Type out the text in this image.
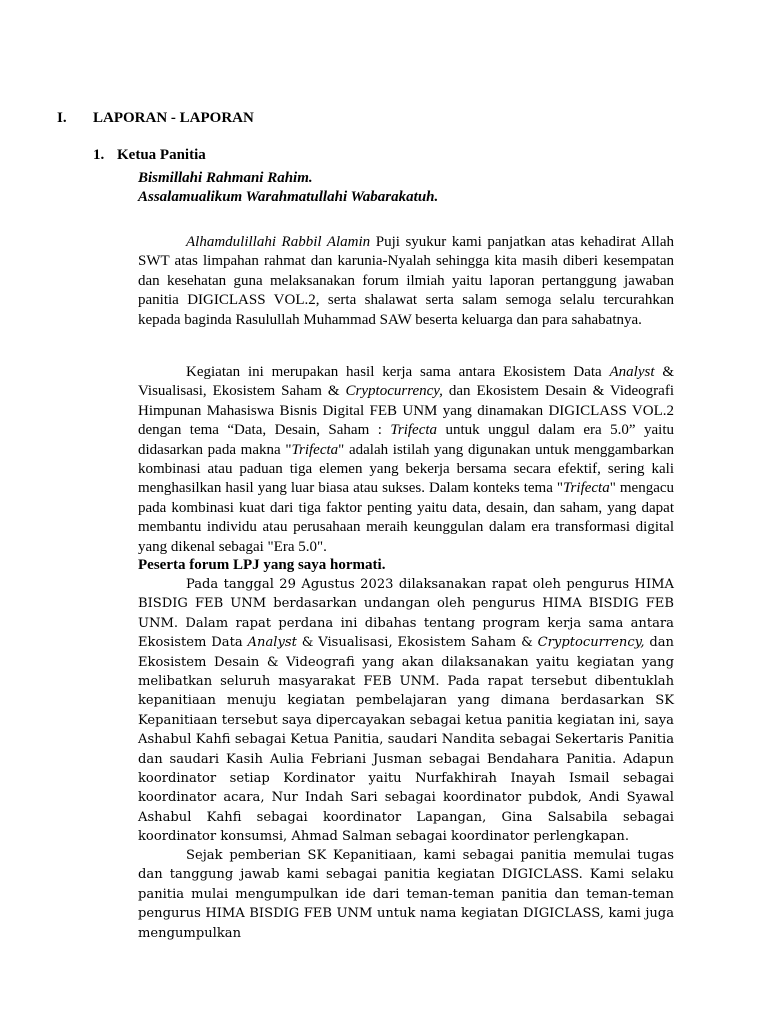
I. LAPORAN - LAPORAN
1. Ketua Panitia
Bismillahi Rahmani Rahim.
Assalamualikum Warahmatullahi Wabarakatuh.

Alhamdulillahi Rabbil Alamin Puji syukur kami panjatkan atas kehadirat Allah SWT atas limpahan rahmat dan karunia-Nyalah sehingga kita masih diberi kesempatan dan kesehatan guna melaksanakan forum ilmiah yaitu laporan pertanggung jawaban panitia DIGICLASS VOL.2, serta shalawat serta salam semoga selalu tercurahkan kepada baginda Rasulullah Muhammad SAW beserta keluarga dan para sahabatnya.

Kegiatan ini merupakan hasil kerja sama antara Ekosistem Data Analyst & Visualisasi, Ekosistem Saham & Cryptocurrency, dan Ekosistem Desain & Videografi Himpunan Mahasiswa Bisnis Digital FEB UNM yang dinamakan DIGICLASS VOL.2 dengan tema “Data, Desain, Saham : Trifecta untuk unggul dalam era 5.0” yaitu didasarkan pada makna "Trifecta" adalah istilah yang digunakan untuk menggambarkan kombinasi atau paduan tiga elemen yang bekerja bersama secara efektif, sering kali menghasilkan hasil yang luar biasa atau sukses. Dalam konteks tema "Trifecta" mengacu pada kombinasi kuat dari tiga faktor penting yaitu data, desain, dan saham, yang dapat membantu individu atau perusahaan meraih keunggulan dalam era transformasi digital yang dikenal sebagai "Era 5.0".

Peserta forum LPJ yang saya hormati.

Pada tanggal 29 Agustus 2023 dilaksanakan rapat oleh pengurus HIMA BISDIG FEB UNM berdasarkan undangan oleh pengurus HIMA BISDIG FEB UNM. Dalam rapat perdana ini dibahas tentang program kerja sama antara Ekosistem Data Analyst & Visualisasi, Ekosistem Saham & Cryptocurrency, dan Ekosistem Desain & Videografi yang akan dilaksanakan yaitu kegiatan yang melibatkan seluruh masyarakat FEB UNM. Pada rapat tersebut dibentuklah kepanitiaan menuju kegiatan pembelajaran yang dimana berdasarkan SK Kepanitiaan tersebut saya dipercayakan sebagai ketua panitia kegiatan ini, saya Ashabul Kahfi sebagai Ketua Panitia, saudari Nandita sebagai Sekertaris Panitia dan saudari Kasih Aulia Febriani Jusman sebagai Bendahara Panitia. Adapun koordinator setiap Kordinator yaitu Nurfakhirah Inayah Ismail sebagai koordinator acara, Nur Indah Sari sebagai koordinator pubdok, Andi Syawal Ashabul Kahfi sebagai koordinator Lapangan, Gina Salsabila sebagai koordinator konsumsi, Ahmad Salman sebagai koordinator perlengkapan.

Sejak pemberian SK Kepanitiaan, kami sebagai panitia memulai tugas dan tanggung jawab kami sebagai panitia kegiatan DIGICLASS. Kami selaku panitia mulai mengumpulkan ide dari teman-teman panitia dan teman-teman pengurus HIMA BISDIG FEB UNM untuk nama kegiatan DIGICLASS, kami juga mengumpulkan
